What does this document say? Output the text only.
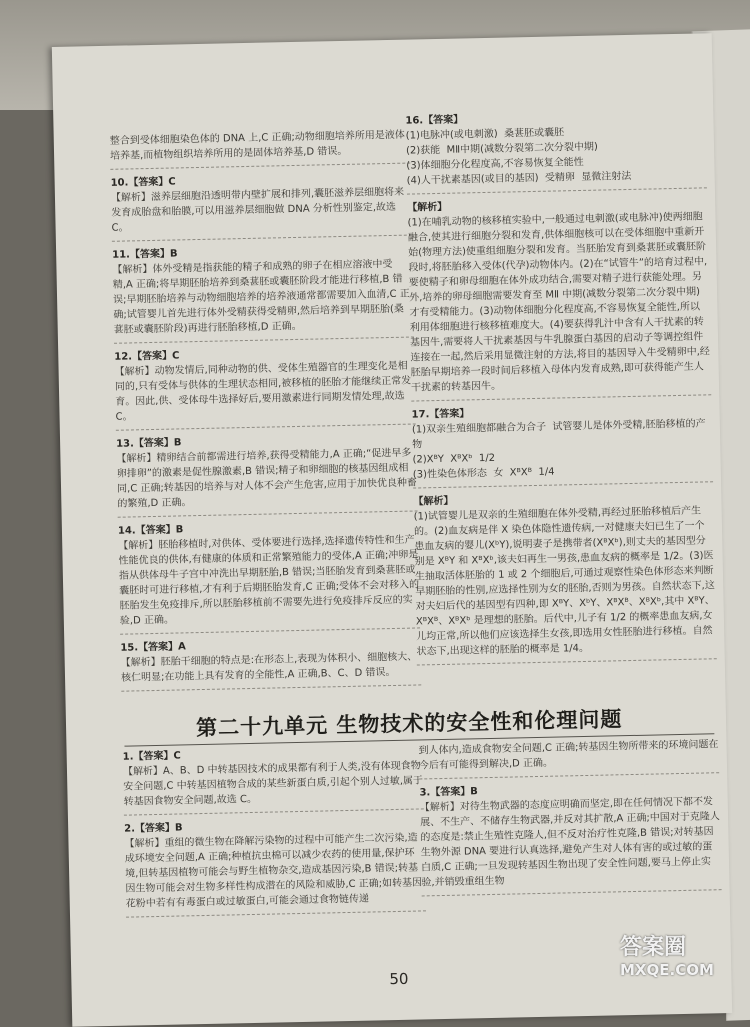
整合到受体细胞染色体的 DNA 上,C 正确;动物细胞培养所用是液体培养基,而植物组织培养所用的是固体培养基,D 错误。
10.【答案】C
【解析】滋养层细胞沿透明带内壁扩展和排列,囊胚滋养层细胞将来发育成胎盘和胎膜,可以用滋养层细胞做 DNA 分析性别鉴定,故选 C。
11.【答案】B
【解析】体外受精是指获能的精子和成熟的卵子在相应溶液中受精,A 正确;将早期胚胎培养到桑葚胚或囊胚阶段才能进行移植,B 错误;早期胚胎培养与动物细胞培养的培养液通常都需要加入血清,C 正确;试管婴儿首先进行体外受精获得受精卵,然后培养到早期胚胎(桑葚胚或囊胚阶段)再进行胚胎移植,D 正确。
12.【答案】C
【解析】动物发情后,同种动物的供、受体生殖器官的生理变化是相同的,只有受体与供体的生理状态相同,被移植的胚胎才能继续正常发育。因此,供、受体母牛选择好后,要用激素进行同期发情处理,故选 C。
13.【答案】B
【解析】精卵结合前都需进行培养,获得受精能力,A 正确;“促进早多卵排卵”的激素是促性腺激素,B 错误;精子和卵细胞的核基因组成相同,C 正确;转基因的培养与对人体不会产生危害,应用于加快优良种畜的繁殖,D 正确。
14.【答案】B
【解析】胚胎移植时,对供体、受体要进行选择,选择遗传特性和生产性能优良的供体,有健康的体质和正常繁殖能力的受体,A 正确;冲卵是指从供体母牛子宫中冲洗出早期胚胎,B 错误;当胚胎发育到桑葚胚或囊胚时可进行移植,才有利于后期胚胎发育,C 正确;受体不会对移入的胚胎发生免疫排斥,所以胚胎移植前不需要先进行免疫排斥反应的实验,D 正确。
15.【答案】A
【解析】胚胎干细胞的特点是:在形态上,表现为体积小、细胞核大、核仁明显;在功能上具有发育的全能性,A 正确,B、C、D 错误。
16.【答案】
(1)电脉冲(或电刺激)  桑葚胚或囊胚
(2)获能  MⅡ中期(减数分裂第二次分裂中期)
(3)体细胞分化程度高,不容易恢复全能性
(4)人干扰素基因(或目的基因)  受精卵  显微注射法
【解析】
(1)在哺乳动物的核移植实验中,一般通过电刺激(或电脉冲)使两细胞融合,使其进行细胞分裂和发育,供体细胞核可以在受体细胞中重新开始(物理方法)使重组细胞分裂和发育。当胚胎发育到桑葚胚或囊胚阶段时,将胚胎移入受体(代孕)动物体内。(2)在“试管牛”的培育过程中,要使精子和卵母细胞在体外成功结合,需要对精子进行获能处理。另外,培养的卵母细胞需要发育至 MⅡ 中期(减数分裂第二次分裂中期)才有受精能力。(3)动物体细胞分化程度高,不容易恢复全能性,所以利用体细胞进行核移植难度大。(4)要获得乳汁中含有人干扰素的转基因牛,需要将人干扰素基因与牛乳腺蛋白基因的启动子等调控组件连接在一起,然后采用显微注射的方法,将目的基因导入牛受精卵中,经胚胎早期培养一段时间后移植入母体内发育成熟,即可获得能产生人干扰素的转基因牛。
17.【答案】
(1)双亲生殖细胞都融合为合子  试管婴儿是体外受精,胚胎移植的产物
(2)XᴮY  XᴮXᵇ  1/2
(3)性染色体形态  女  XᴮXᴮ  1/4
【解析】
(1)试管婴儿是双亲的生殖细胞在体外受精,再经过胚胎移植后产生的。(2)血友病是伴 X 染色体隐性遗传病,一对健康夫妇已生了一个患血友病的婴儿(XᵇY),说明妻子是携带者(XᴮXᵇ),则丈夫的基因型分别是 XᴮY 和 XᴮXᵇ,该夫妇再生一男孩,患血友病的概率是 1/2。(3)医生抽取活体胚胎的 1 或 2 个细胞后,可通过观察性染色体形态来判断早期胚胎的性别,应选择性别为女的胚胎,否则为男孩。自然状态下,这对夫妇后代的基因型有四种,即 XᴮY、XᵇY、XᴮXᴮ、XᴮXᵇ,其中 XᴮY、XᴮXᴮ、XᴮXᵇ 是理想的胚胎。后代中,儿子有 1/2 的概率患血友病,女儿均正常,所以他们应该选择生女孩,即选用女性胚胎进行移植。自然状态下,出现这样的胚胎的概率是 1/4。
第二十九单元 生物技术的安全性和伦理问题
1.【答案】C
【解析】A、B、D 中转基因技术的成果都有利于人类,没有体现食物安全问题,C 中转基因植物合成的某些新蛋白质,引起个别人过敏,属于转基因食物安全问题,故选 C。
2.【答案】B
【解析】重组的微生物在降解污染物的过程中可能产生二次污染,造成环境安全问题,A 正确;种植抗虫棉可以减少农药的使用量,保护环境,但转基因植物可能会与野生植物杂交,造成基因污染,B 错误;转基因生物可能会对生物多样性构成潜在的风险和威胁,C 正确;如转基因花粉中若有有毒蛋白或过敏蛋白,可能会通过食物链传递
到人体内,造成食物安全问题,C 正确;转基因生物所带来的环境问题在今后有可能得到解决,D 正确。
3.【答案】B
【解析】对待生物武器的态度应明确而坚定,即在任何情况下都不发展、不生产、不储存生物武器,并反对其扩散,A 正确;中国对于克隆人的态度是:禁止生殖性克隆人,但不反对治疗性克隆,B 错误;对转基因生物外源 DNA 要进行认真选择,避免产生对人体有害的或过敏的蛋白质,C 正确;一旦发现转基因生物出现了安全性问题,要马上停止实验,并销毁重组生物
50
答案圈
MXQE.COM
